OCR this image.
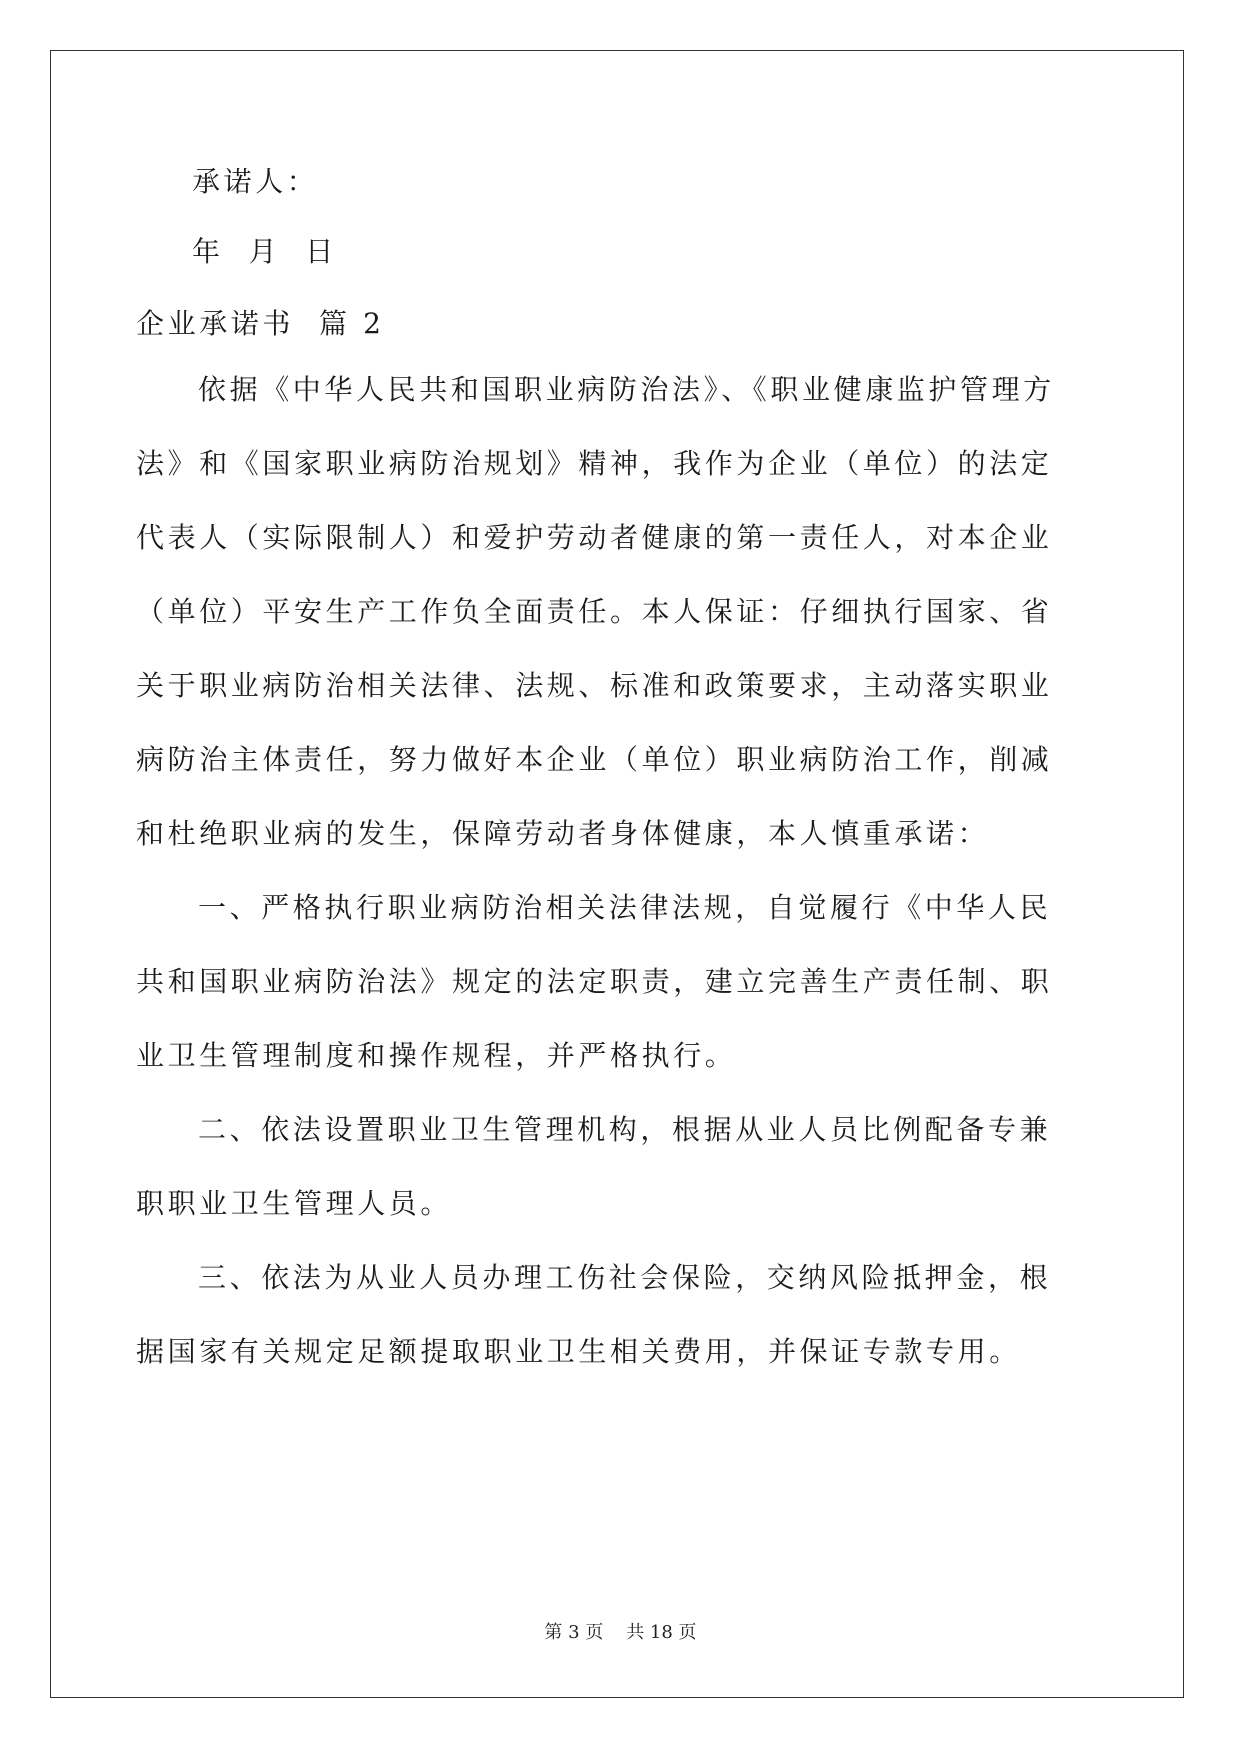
承诺人：
年  月  日
企业承诺书  篇 2
依据《中华人民共和国职业病防治法》、《职业健康监护管理方法》和《国家职业病防治规划》精神，我作为企业（单位）的法定代表人（实际限制人）和爱护劳动者健康的第一责任人，对本企业（单位）平安生产工作负全面责任。本人保证：仔细执行国家、省关于职业病防治相关法律、法规、标准和政策要求，主动落实职业病防治主体责任，努力做好本企业（单位）职业病防治工作，削减和杜绝职业病的发生，保障劳动者身体健康，本人慎重承诺：
一、严格执行职业病防治相关法律法规，自觉履行《中华人民共和国职业病防治法》规定的法定职责，建立完善生产责任制、职业卫生管理制度和操作规程，并严格执行。
二、依法设置职业卫生管理机构，根据从业人员比例配备专兼职职业卫生管理人员。
三、依法为从业人员办理工伤社会保险，交纳风险抵押金，根据国家有关规定足额提取职业卫生相关费用，并保证专款专用。
第 3 页    共 18 页
